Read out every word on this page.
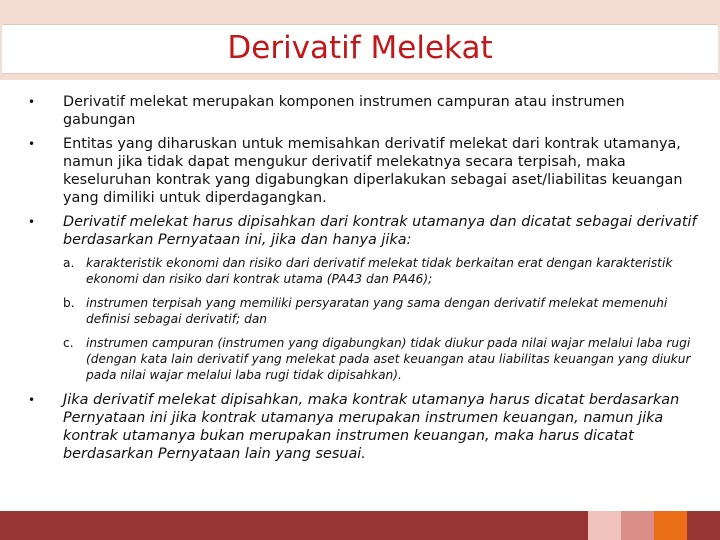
Derivatif Melekat
•	Derivatif melekat merupakan komponen instrumen campuran atau instrumen gabungan
•	Entitas yang diharuskan untuk memisahkan derivatif melekat dari kontrak utamanya, namun jika tidak dapat mengukur derivatif melekatnya secara terpisah, maka keseluruhan kontrak yang digabungkan diperlakukan sebagai aset/liabilitas keuangan yang dimiliki untuk diperdagangkan.
•	Derivatif melekat harus dipisahkan dari kontrak utamanya dan dicatat sebagai derivatif berdasarkan Pernyataan ini, jika dan hanya jika:
a. karakteristik ekonomi dan risiko dari derivatif melekat tidak berkaitan erat dengan karakteristik ekonomi dan risiko dari kontrak utama (PA43 dan PA46);
b. instrumen terpisah yang memiliki persyaratan yang sama dengan derivatif melekat memenuhi definisi sebagai derivatif; dan
c. instrumen campuran (instrumen yang digabungkan) tidak diukur pada nilai wajar melalui laba rugi (dengan kata lain derivatif yang melekat pada aset keuangan atau liabilitas keuangan yang diukur pada nilai wajar melalui laba rugi tidak dipisahkan).
•	Jika derivatif melekat dipisahkan, maka kontrak utamanya harus dicatat berdasarkan Pernyataan ini jika kontrak utamanya merupakan instrumen keuangan, namun jika kontrak utamanya bukan merupakan instrumen keuangan, maka harus dicatat berdasarkan Pernyataan lain yang sesuai.
